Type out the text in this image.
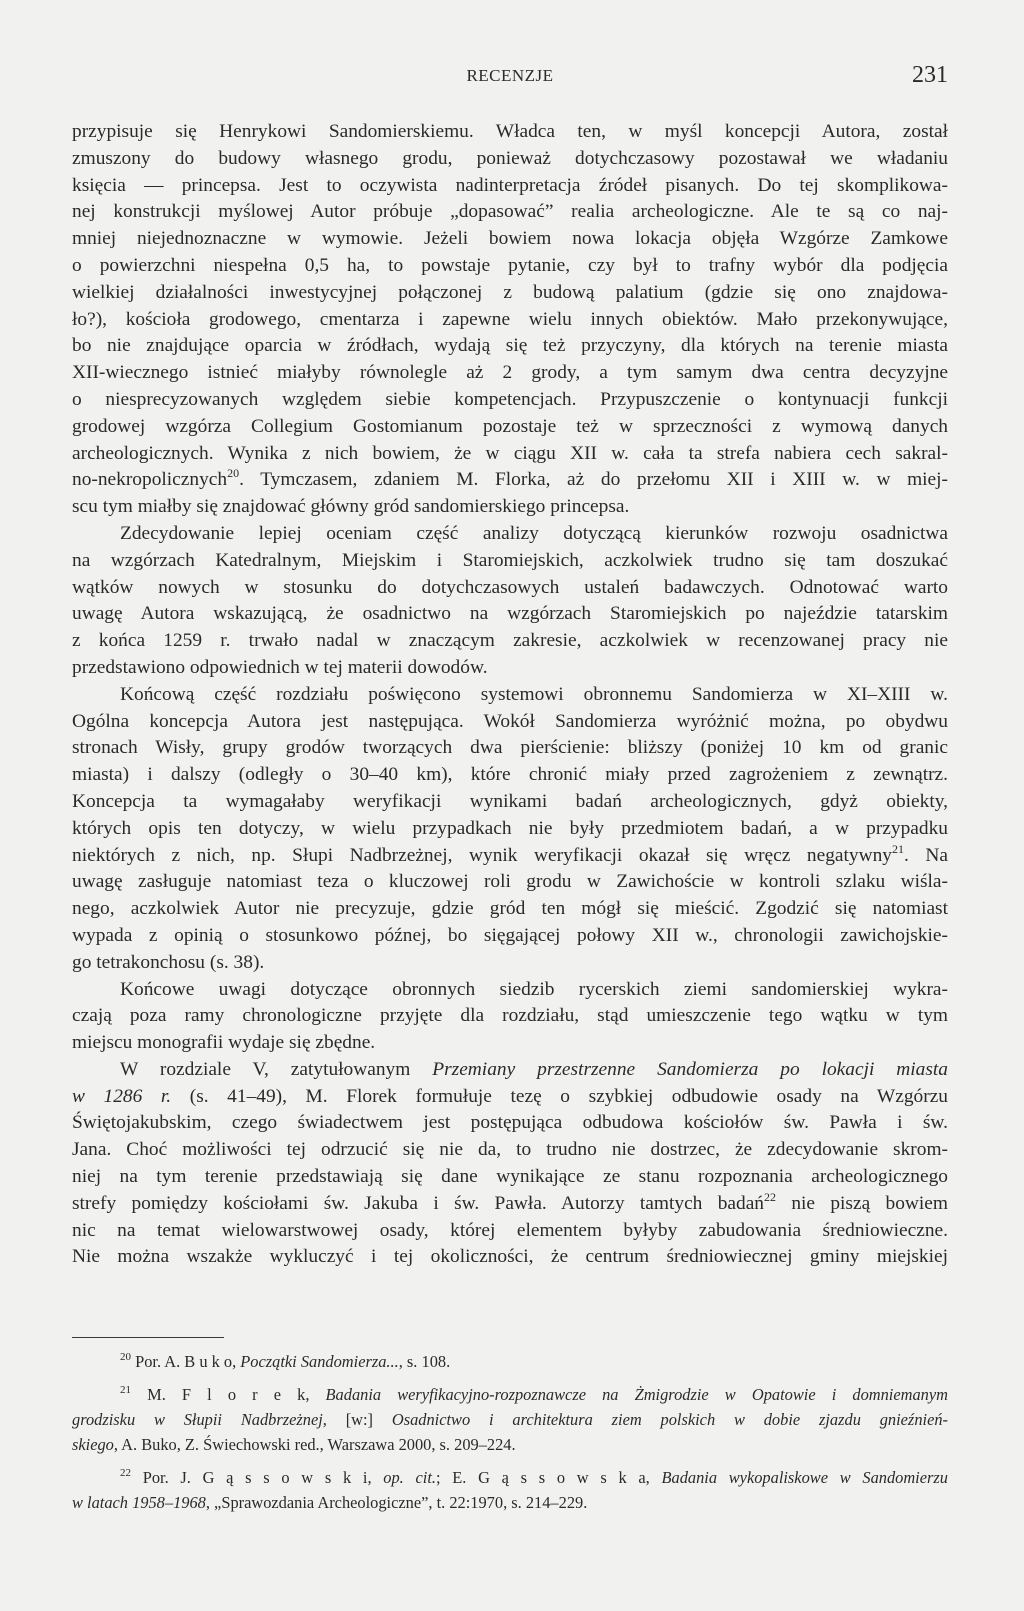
RECENZJE	231
przypisuje się Henrykowi Sandomierskiemu. Władca ten, w myśl koncepcji Autora, został
zmuszony do budowy własnego grodu, ponieważ dotychczasowy pozostawał we władaniu
księcia — princepsa. Jest to oczywista nadinterpretacja źródeł pisanych. Do tej skomplikowa-
nej konstrukcji myślowej Autor próbuje „dopasować” realia archeologiczne. Ale te są co naj-
mniej niejednoznaczne w wymowie. Jeżeli bowiem nowa lokacja objęła Wzgórze Zamkowe
o powierzchni niespełna 0,5 ha, to powstaje pytanie, czy był to trafny wybór dla podjęcia
wielkiej działalności inwestycyjnej połączonej z budową palatium (gdzie się ono znajdowa-
ło?), kościoła grodowego, cmentarza i zapewne wielu innych obiektów. Mało przekonywujące,
bo nie znajdujące oparcia w źródłach, wydają się też przyczyny, dla których na terenie miasta
XII-wiecznego istnieć miałyby równolegle aż 2 grody, a tym samym dwa centra decyzyjne
o niesprecyzowanych względem siebie kompetencjach. Przypuszczenie o kontynuacji funkcji
grodowej wzgórza Collegium Gostomianum pozostaje też w sprzeczności z wymową danych
archeologicznych. Wynika z nich bowiem, że w ciągu XII w. cała ta strefa nabiera cech sakral-
no-nekropolicznych$^{20}$. Tymczasem, zdaniem M. Florka, aż do przełomu XII i XIII w. w miej-
scu tym miałby się znajdować główny gród sandomierskiego princepsa.
Zdecydowanie lepiej oceniam część analizy dotyczącą kierunków rozwoju osadnictwa
na wzgórzach Katedralnym, Miejskim i Staromiejskich, aczkolwiek trudno się tam doszukać
wątków nowych w stosunku do dotychczasowych ustaleń badawczych. Odnotować warto
uwagę Autora wskazującą, że osadnictwo na wzgórzach Staromiejskich po najeździe tatarskim
z końca 1259 r. trwało nadal w znaczącym zakresie, aczkolwiek w recenzowanej pracy nie
przedstawiono odpowiednich w tej materii dowodów.
Końcową część rozdziału poświęcono systemowi obronnemu Sandomierza w XI–XIII w.
Ogólna koncepcja Autora jest następująca. Wokół Sandomierza wyróżnić można, po obydwu
stronach Wisły, grupy grodów tworzących dwa pierścienie: bliższy (poniżej 10 km od granic
miasta) i dalszy (odległy o 30–40 km), które chronić miały przed zagrożeniem z zewnątrz.
Koncepcja ta wymagałaby weryfikacji wynikami badań archeologicznych, gdyż obiekty,
których opis ten dotyczy, w wielu przypadkach nie były przedmiotem badań, a w przypadku
niektórych z nich, np. Słupi Nadbrzeżnej, wynik weryfikacji okazał się wręcz negatywny$^{21}$. Na
uwagę zasługuje natomiast teza o kluczowej roli grodu w Zawichoście w kontroli szlaku wiśla-
nego, aczkolwiek Autor nie precyzuje, gdzie gród ten mógł się mieścić. Zgodzić się natomiast
wypada z opinią o stosunkowo późnej, bo sięgającej połowy XII w., chronologii zawichojskie-
go tetrakonchosu (s. 38).
Końcowe uwagi dotyczące obronnych siedzib rycerskich ziemi sandomierskiej wykra-
czają poza ramy chronologiczne przyjęte dla rozdziału, stąd umieszczenie tego wątku w tym
miejscu monografii wydaje się zbędne.
W rozdziale V, zatytułowanym Przemiany przestrzenne Sandomierza po lokacji miasta
w 1286 r. (s. 41–49), M. Florek formułuje tezę o szybkiej odbudowie osady na Wzgórzu
Świętojakubskim, czego świadectwem jest postępująca odbudowa kościołów św. Pawła i św.
Jana. Choć możliwości tej odrzucić się nie da, to trudno nie dostrzec, że zdecydowanie skrom-
niej na tym terenie przedstawiają się dane wynikające ze stanu rozpoznania archeologicznego
strefy pomiędzy kościołami św. Jakuba i św. Pawła. Autorzy tamtych badań$^{22}$ nie piszą bowiem
nic na temat wielowarstwowej osady, której elementem byłyby zabudowania średniowieczne.
Nie można wszakże wykluczyć i tej okoliczności, że centrum średniowiecznej gminy miejskiej
$^{20}$ Por. A. B u k o, Początki Sandomierza..., s. 108.
$^{21}$ M. F l o r e k, Badania weryfikacyjno-rozpoznawcze na Żmigrodzie w Opatowie i domniemanym
grodzisku w Słupii Nadbrzeżnej, [w:] Osadnictwo i architektura ziem polskich w dobie zjazdu gnieźnień-
skiego, A. Buko, Z. Świechowski red., Warszawa 2000, s. 209–224.
$^{22}$ Por. J. G ą s s o w s k i, op. cit.; E. G ą s s o w s k a, Badania wykopaliskowe w Sandomierzu
w latach 1958–1968, „Sprawozdania Archeologiczne”, t. 22:1970, s. 214–229.
